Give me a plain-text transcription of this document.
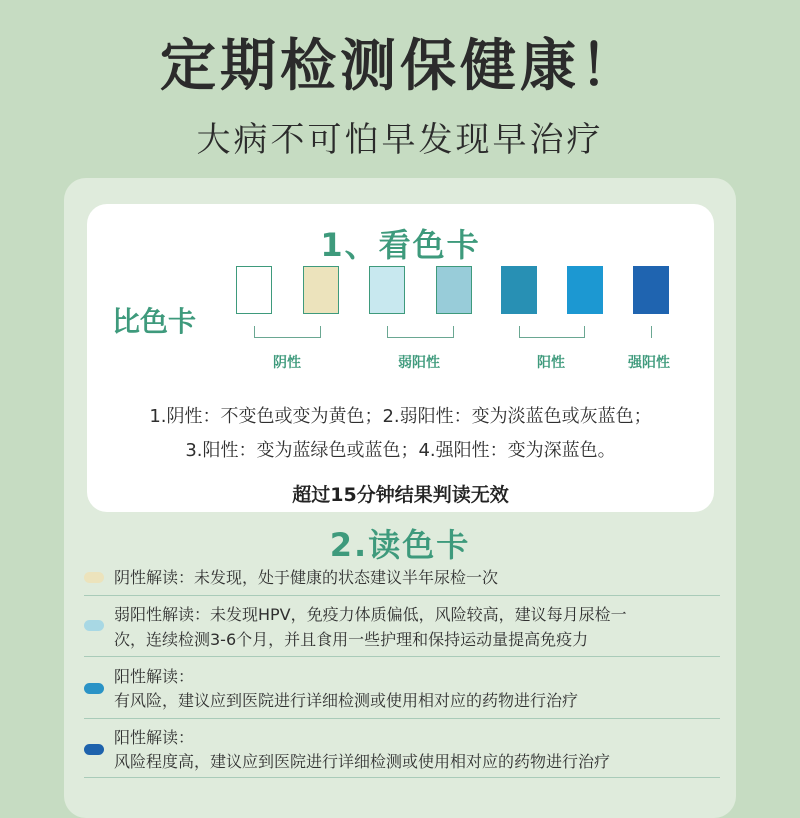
定期检测保健康！
大病不可怕早发现早治疗
1、看色卡
比色卡
阴性	弱阳性	阳性	强阳性
1.阴性：不变色或变为黄色；2.弱阳性：变为淡蓝色或灰蓝色；
3.阳性：变为蓝绿色或蓝色；4.强阳性：变为深蓝色。
超过15分钟结果判读无效
2.读色卡
阴性解读：未发现，处于健康的状态建议半年尿检一次
弱阳性解读：未发现HPV，免疫力体质偏低，风险较高，建议每月尿检一
次，连续检测3-6个月，并且食用一些护理和保持运动量提高免疫力
阳性解读：
有风险，建议应到医院进行详细检测或使用相对应的药物进行治疗
阳性解读：
风险程度高，建议应到医院进行详细检测或使用相对应的药物进行治疗
